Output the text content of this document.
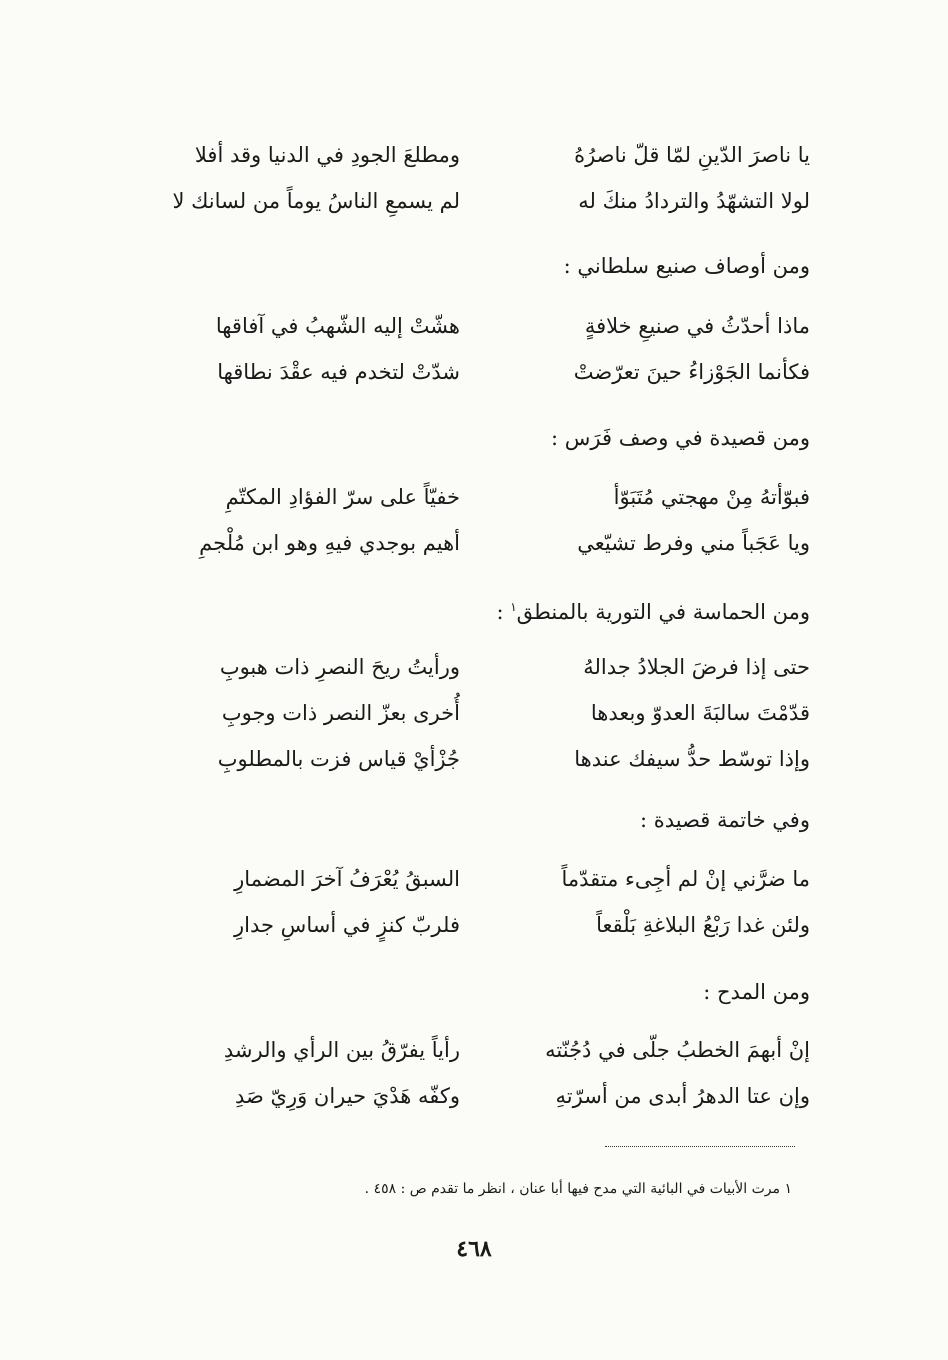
يا ناصرَ الدّينِ لمّا قلّ ناصرُهُ
ومطلعَ الجودِ في الدنيا وقد أفلا
لولا التشهّدُ والتردادُ منكَ له
لم يسمعِ الناسُ يوماً من لسانك لا
ومن أوصاف صنيع سلطاني :
ماذا أحدّثُ في صنيعِ خلافةٍ
هشّتْ إليه الشّهبُ في آفاقها
فكأنما الجَوْزاءُ حينَ تعرّضتْ
شدّتْ لتخدم فيه عقْدَ نطاقها
ومن قصيدة في وصف فَرَس :
فبوّأتهُ مِنْ مهجتي مُتَبَوّأ
خفيّاً على سرّ الفؤادِ المكتّمِ
ويا عَجَباً مني وفرط تشيّعي
أهيم بوجدي فيهِ وهو ابن مُلْجمِ
ومن الحماسة في التورية بالمنطق$^١$ :
حتى إذا فرضَ الجلادُ جدالهُ
ورأيتُ ريحَ النصرِ ذات هبوبِ
قدّمْتَ سالبَةَ العدوّ وبعدها
أُخرى بعزّ النصر ذات وجوبِ
وإذا توسّط حدُّ سيفك عندها
جُزْأيْ قياس فزت بالمطلوبِ
وفي خاتمة قصيدة :
ما ضرَّني إنْ لم أجِىء متقدّماً
السبقُ يُعْرَفُ آخرَ المضمارِ
ولئن غدا رَبْعُ البلاغةِ بَلْقعاً
فلربّ كنزٍ في أساسِ جدارِ
ومن المدح :
إنْ أبهمَ الخطبُ جلّى في دُجُنّته
رأياً يفرّقُ بين الرأي والرشدِ
وإن عتا الدهرُ أبدى من أسرّتهِ
وكفّه هَدْيَ حيران وَرِيّ صَدِ
١ مرت الأبيات في البائية التي مدح فيها أبا عنان ، انظر ما تقدم ص : ٤٥٨ .
٤٦٨
